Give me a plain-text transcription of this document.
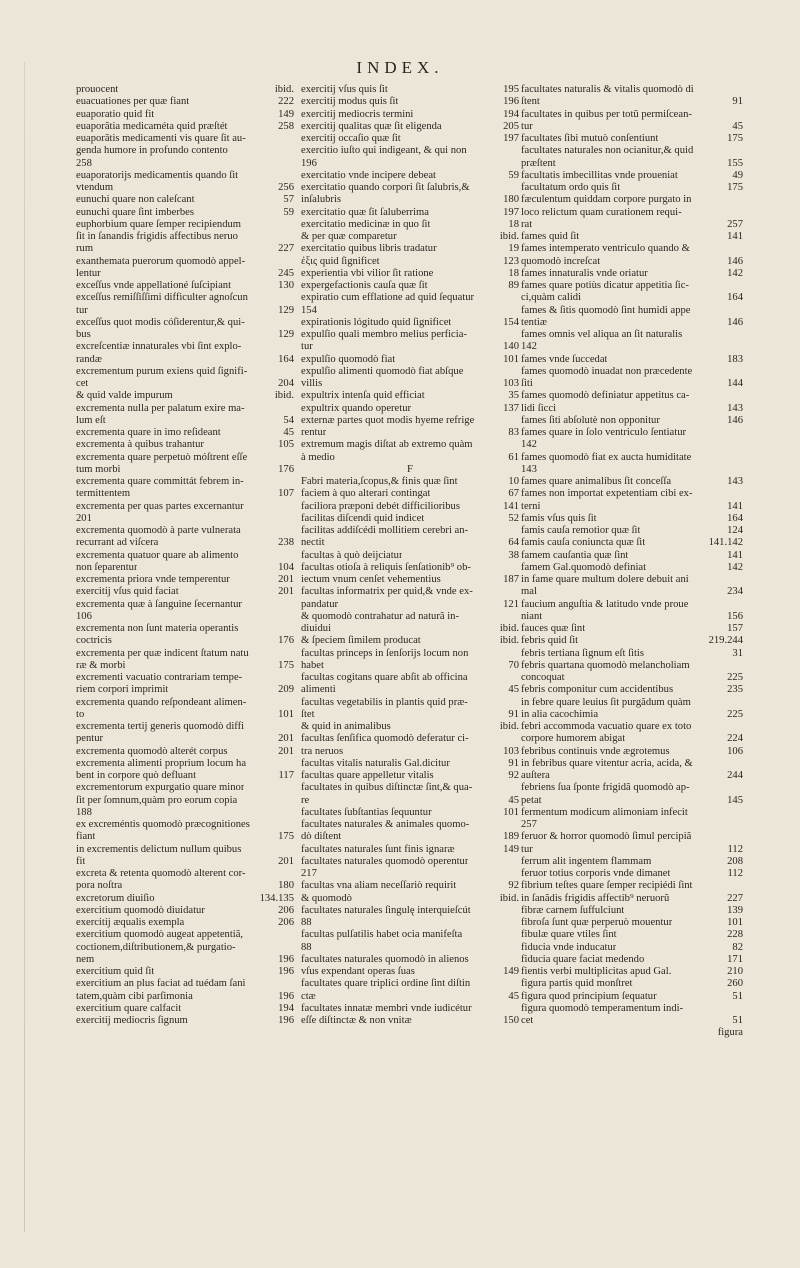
INDEX.
prouocent	ibid.
euacuationes per quæ fiant	222
euaporatio quid fit	149
euaporãtia medicaméta quid præſtét	258
euaporãtis medicamenti vis quare ſit au-
genda humore in profundo contento
258
euaporatorijs medicamentis quando ſit
vtendum	256
eunuchi quare non caleſcant	57
eunuchi quare ſint imberbes	59
euphorbium quare ſemper recipiendum
ſit in ſanandis frigidis affectibus neruo
rum	227
exanthemata puerorum quomodò appel-
lentur	245
exceſſus vnde appellationé ſuſcipiant	130
exceſſus remiſſiſſimi difficulter agnoſcun
tur	129
exceſſus quot modis cóſiderentur,& qui-
bus	129
excreſcentiæ innaturales vbi ſint explo-
randæ	164
excrementum purum exiens quid ſignifi-
cet	204
& quid valde impurum	ibid.
excrementa nulla per palatum exire ma-
lum eſt	54
excrementa quare in imo reſideant	45
excrementa à quibus trahantur	105
excrementa quare perpetuò móſtrent eſſe
tum morbi	176
excrementa quare committát febrem in-
termittentem	107
excrementa per quas partes excernantur
201
excrementa quomodò à parte vulnerata
recurrant ad viſcera	238
excrementa quatuor quare ab alimento
non ſeparentur	104
excrementa priora vnde temperentur	201
exercitij vſus quid faciat	201
excrementa quæ à ſanguine ſecernantur
106
excrementa non ſunt materia operantis
coctricis	176
excrementa per quæ indicent ſtatum natu
ræ & morbi	175
excrementi vacuatio contrariam tempe-
riem corpori imprimit	209
excrementa quando reſpondeant alimen-
to	101
excrementa tertij generis quomodò diffi
pentur	201
excrementa quomodò alterét corpus	201
excrementa alimenti proprium locum ha
bent in corpore quò defluant	117
excrementorum expurgatio quare minor
ſit per ſomnum,quàm pro eorum copia
188
ex excreméntis quomodò præcognitiones
fiant	175
in excrementis delictum nullum quibus
fit	201
excreta & retenta quomodò alterent cor-
pora noſtra	180
excretorum diuiſio	134.135
exercitium quomodò diuidatur	206
exercitij æqualis exempla	206
exercitium quomodò augeat appetentiã,
coctionem,diſtributionem,& purgatio-
nem	196
exercitium quid ſit	196
exercitium an plus faciat ad tuédam ſani
tatem,quàm cibi parſimonia	196
exercitium quare calfacit	194
exercitij mediocris ſignum	196
exercitij vſus quis ſit	195
exercitij modus quis ſit	196
exercitij mediocris termini	194
exercitij qualitas quæ ſit eligenda	205
exercitij occaſio quæ ſit	197
exercitio iuſto qui indigeant, & qui non
196
exercitatio vnde incipere debeat	59
exercitatio quando corpori ſit ſalubris,&
inſalubris	180
exercitatio quæ ſit ſaluberrima	197
exercitatio medicinæ in quo ſit	18
& per quæ comparetur	ibid.
exercitatio quibus libris tradatur	19
ἐξις quid ſignificet	123
experientia vbi vilior ſit ratione	18
expergefactionis cauſa quæ ſit	89
expiratio cum efflatione ad quid ſequatur
154
expirationis lógitudo quid ſignificet	154
expulſio quali membro melius perficia-
tur	140
expulſio quomodò fiat	101
expulſio alimenti quomodò fiat abſque
villis	103
expultrix intenſa quid efficiat	35
expultrix quando operetur	137
externæ partes quot modis hyeme refrige
rentur	83
extremum magis diſtat ab extremo quàm
à medio	61
F
Fabri materia,ſcopus,& finis quæ ſint	10
faciem à quo alterari contingat	67
faciliora præponi debét difficilioribus	141
facilitas diſcendi quid indicet	52
facilitas addiſcédi mollitiem cerebri an-
nectit	64
facultas à quò deijciatur	38
facultas otioſa à reliquis ſenſationib⁹ ob-
iectum vnum cenſet vehementius	187
facultas informatrix per quid,& vnde ex-
pandatur	121
& quomodò contrahatur ad naturã in-
diuidui	ibid.
& ſpeciem ſimilem producat	ibid.
facultas princeps in ſenſorijs locum non
habet	70
facultas cogitans quare abſit ab officina
alimenti	45
facultas vegetabilis in plantis quid præ-
ſtet	91
& quid in animalibus	ibid.
facultas ſenſifica quomodò deferatur ci-
tra neruos	103
facultas vitalis naturalis Gal.dicitur	91
facultas quare appelletur vitalis	92
facultates in quibus diſtinctæ ſint,& qua-
re	45
facultates ſubſtantias ſequuntur	101
facultates naturales & animales quomo-
dò diſtent	189
facultates naturales ſunt finis ignaræ	149
facultates naturales quomodò operentur
217
facultas vna aliam neceſſariò requirit	92
& quomodò	ibid.
facultates naturales ſingulę interquieſcút
88
facultas pulſatilis habet ocia manifeſta
88
facultates naturales quomodò in alienos
vſus expendant operas ſuas	149
facultates quare triplici ordine ſint diſtin
ctæ	45
facultates innatæ membri vnde iudicétur
eſſe diſtinctæ & non vnitæ	150
facultates naturalis & vitalis quomodò di
ſtent	91
facultates in quibus per totũ permiſcean-
tur	45
facultates ſibi mutuò conſentiunt	175
facultates naturales non ocianitur,& quid
præſtent	155
facultatis imbecillitas vnde proueniat	49
facultatum ordo quis ſit	175
fæculentum quiddam corpore purgato in
loco relictum quam curationem requi-
rat	257
fames quid ſit	141
fames intemperato ventriculo quando &
quomodò increſcat	146
fames innaturalis vnde oriatur	142
fames quare potiùs dicatur appetitia ſic-
ci,quàm calidi	164
fames & ſitis quomodò ſint humidi appe
tentiæ	146
fames omnis vel aliqua an ſit naturalis
142
fames vnde ſuccedat	183
fames quomodò inuadat non præcedente
ſiti	144
fames quomodò definiatur appetitus ca-
lidi ſicci	143
fames ſiti abſolutè non opponitur	146
fames quare in ſolo ventriculo ſentiatur
142
fames quomodò fiat ex aucta humiditate
143
fames quare animalibus ſit conceſſa	143
fames non importat expetentiam cibi ex-
terni	141
famis vſus quis ſit	164
famis cauſa remotior quæ ſit	124
famis cauſa coniuncta quæ ſit	141.142
famem cauſantia quæ ſint	141
famem Gal.quomodò definiat	142
in fame quare multum dolere debuit ani
mal	234
faucium anguſtia & latitudo vnde proue
niant	156
fauces quæ ſint	157
febris quid ſit	219.244
febris tertiana ſignum eſt ſitis	31
febris quartana quomodò melancholiam
concoquat	225
febris componitur cum accidentibus	235
in febre quare leuius ſit purgãdum quàm
in alia cacochimia	225
febri accommoda vacuatio quare ex toto
corpore humorem abigat	224
febribus continuis vnde ægrotemus	106
in febribus quare vitentur acria, acida, &
auſtera	244
febriens ſua ſponte frigidã quomodò ap-
petat	145
fermentum modicum alimoniam infecit
257
feruor & horror quomodò ſimul percipiã
tur	112
ferrum alit ingentem flammam	208
feruor totius corporis vnde dimanet	112
fibrium teſtes quare ſemper recipiédi ſint
in ſanãdis frigidis affectib⁹ neruorũ	227
fibræ carnem ſuffulciunt	139
fibroſa ſunt quæ perperuò mouentur	101
fibulæ quare vtiles ſint	228
fiducia vnde inducatur	82
fiducia quare faciat medendo	171
fientis verbi multiplicitas apud Gal.	210
figura partis quid monſtret	260
figura quod principium ſequatur	51
figura quomodò temperamentum indi-
cet	51
figura
